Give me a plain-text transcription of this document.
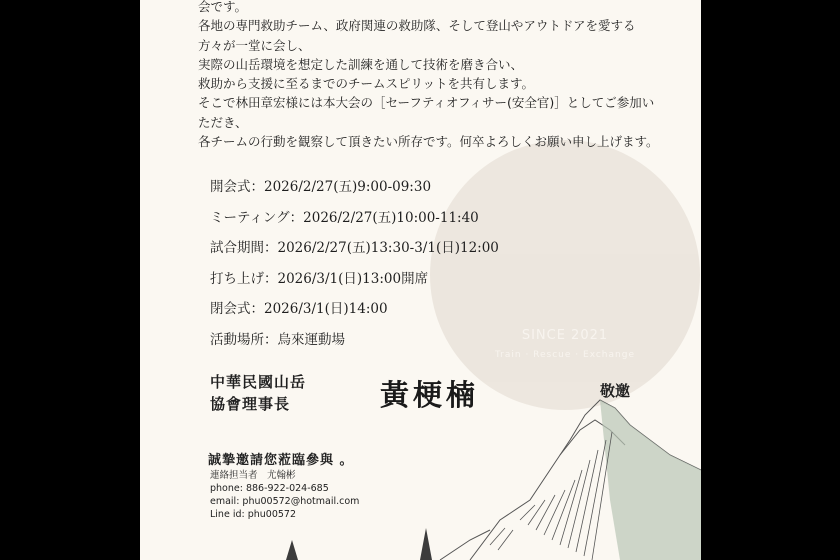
SINCE 2021
Train · Rescue · Exchange
会です。
各地の専門救助チーム、政府関連の救助隊、そして登山やアウトドアを愛する
方々が一堂に会し、
実際の山岳環境を想定した訓練を通して技術を磨き合い、
救助から支援に至るまでのチームスピリットを共有します。
そこで林田章宏様には本大会の［セーフティオフィサー(安全官)］としてご参加い
ただき、
各チームの行動を観察して頂きたい所存です。何卒よろしくお願い申し上げます。
開会式：2026/2/27(五)9:00-09:30
ミーティング：2026/2/27(五)10:00-11:40
試合期間：2026/2/27(五)13:30-3/1(日)12:00
打ち上げ：2026/3/1(日)13:00開席
閉会式：2026/3/1(日)14:00
活動場所：烏來運動場
中華民國山岳
協會理事長	黃梗楠	敬邀
誠摯邀請您蒞臨參與 。
連絡担当者　尤翰彬
phone: 886-922-024-685
email: phu00572@hotmail.com
Line id: phu00572
